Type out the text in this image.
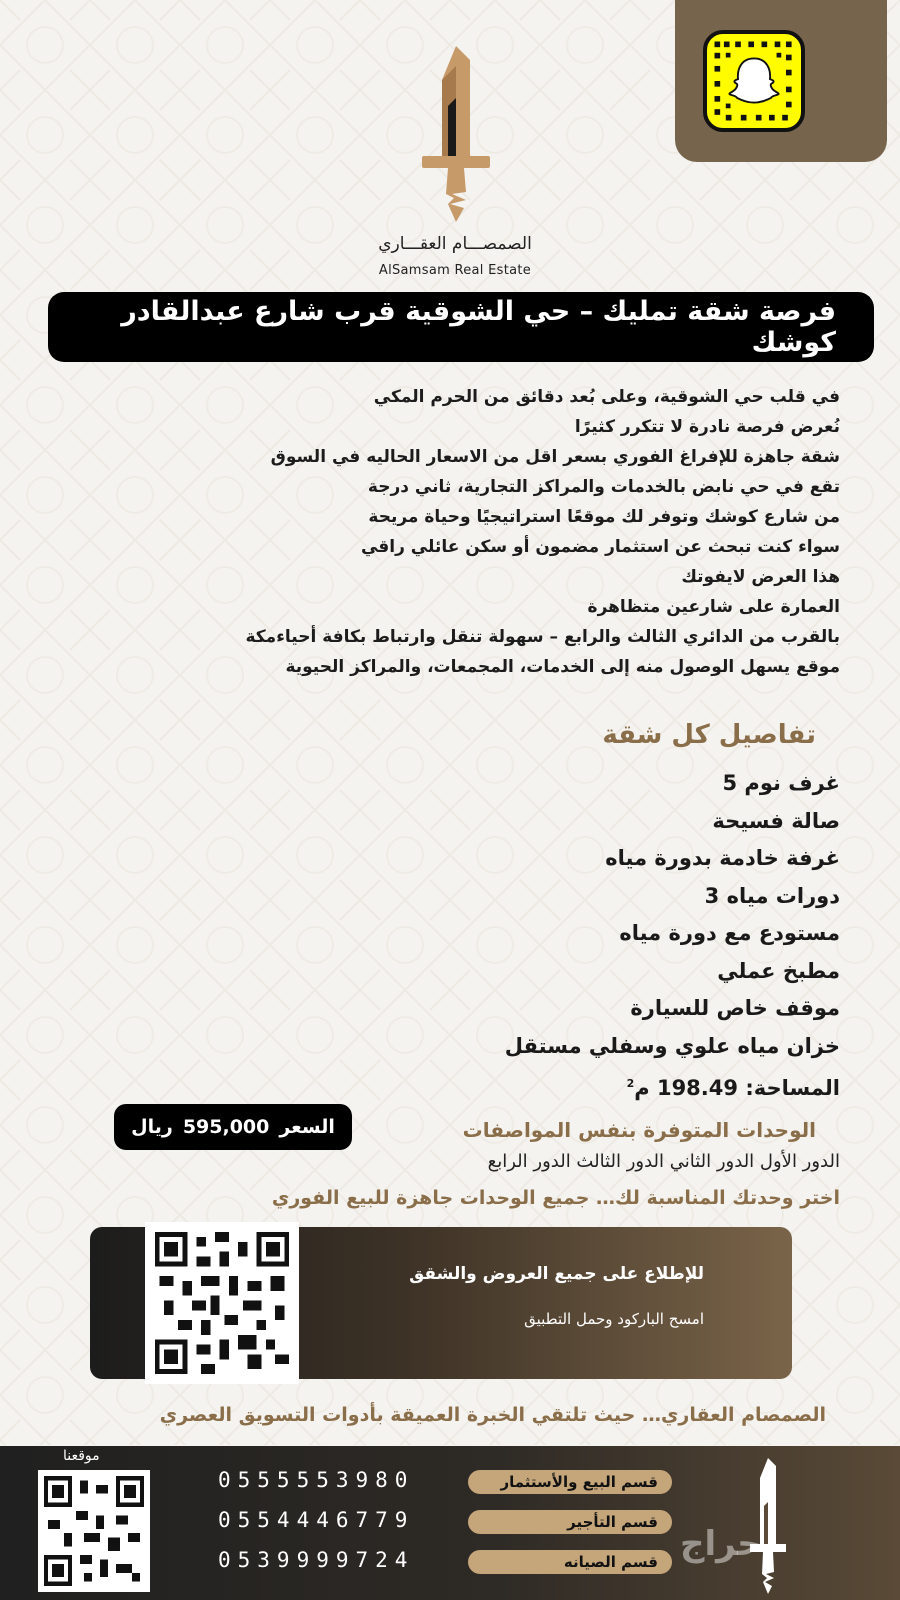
الصمصـــام العقـــاري
AlSamsam Real Estate
فرصة شقة تمليك – حي الشوقية قرب شارع عبدالقادر كوشك
في قلب حي الشوقية، وعلى بُعد دقائق من الحرم المكي
نُعرض فرصة نادرة لا تتكرر كثيرًا
شقة جاهزة للإفراغ الفوري بسعر اقل من الاسعار الحاليه في السوق
تقع في حي نابض بالخدمات والمراكز التجارية، ثاني درجة
من شارع كوشك وتوفر لك موقعًا استراتيجيًا وحياة مريحة
سواء كنت تبحث عن استثمار مضمون أو سكن عائلي راقي
هذا العرض لايفوتك
العمارة على شارعين متظاهرة
بالقرب من الدائري الثالث والرابع – سهولة تنقل وارتباط بكافة أحياءمكة
موقع يسهل الوصول منه إلى الخدمات، المجمعات، والمراكز الحيوية
تفاصيل كل شقة
غرف نوم 5
صالة فسيحة
غرفة خادمة بدورة مياه
دورات مياه 3
مستودع مع دورة مياه
مطبخ عملي
موقف خاص للسيارة
خزان مياه علوي وسفلي مستقل
المساحة: 198.49 م$^2$
السعر
595,000
ريال	الوحدات المتوفرة بنفس المواصفات
الدور الأول الدور الثاني الدور الثالث الدور الرابع
اختر وحدتك المناسبة لك… جميع الوحدات جاهزة للبيع الفوري
للإطلاع على جميع العروض والشقق
امسح الباركود وحمل التطبيق
الصمصام العقاري… حيث تلتقي الخبرة العميقة بأدوات التسويق العصري
موقعنا
قسم البيع والأستثمار
قسم التأجير
قسم الصيانه
0555553980
0554446779
0539999724	حراج
